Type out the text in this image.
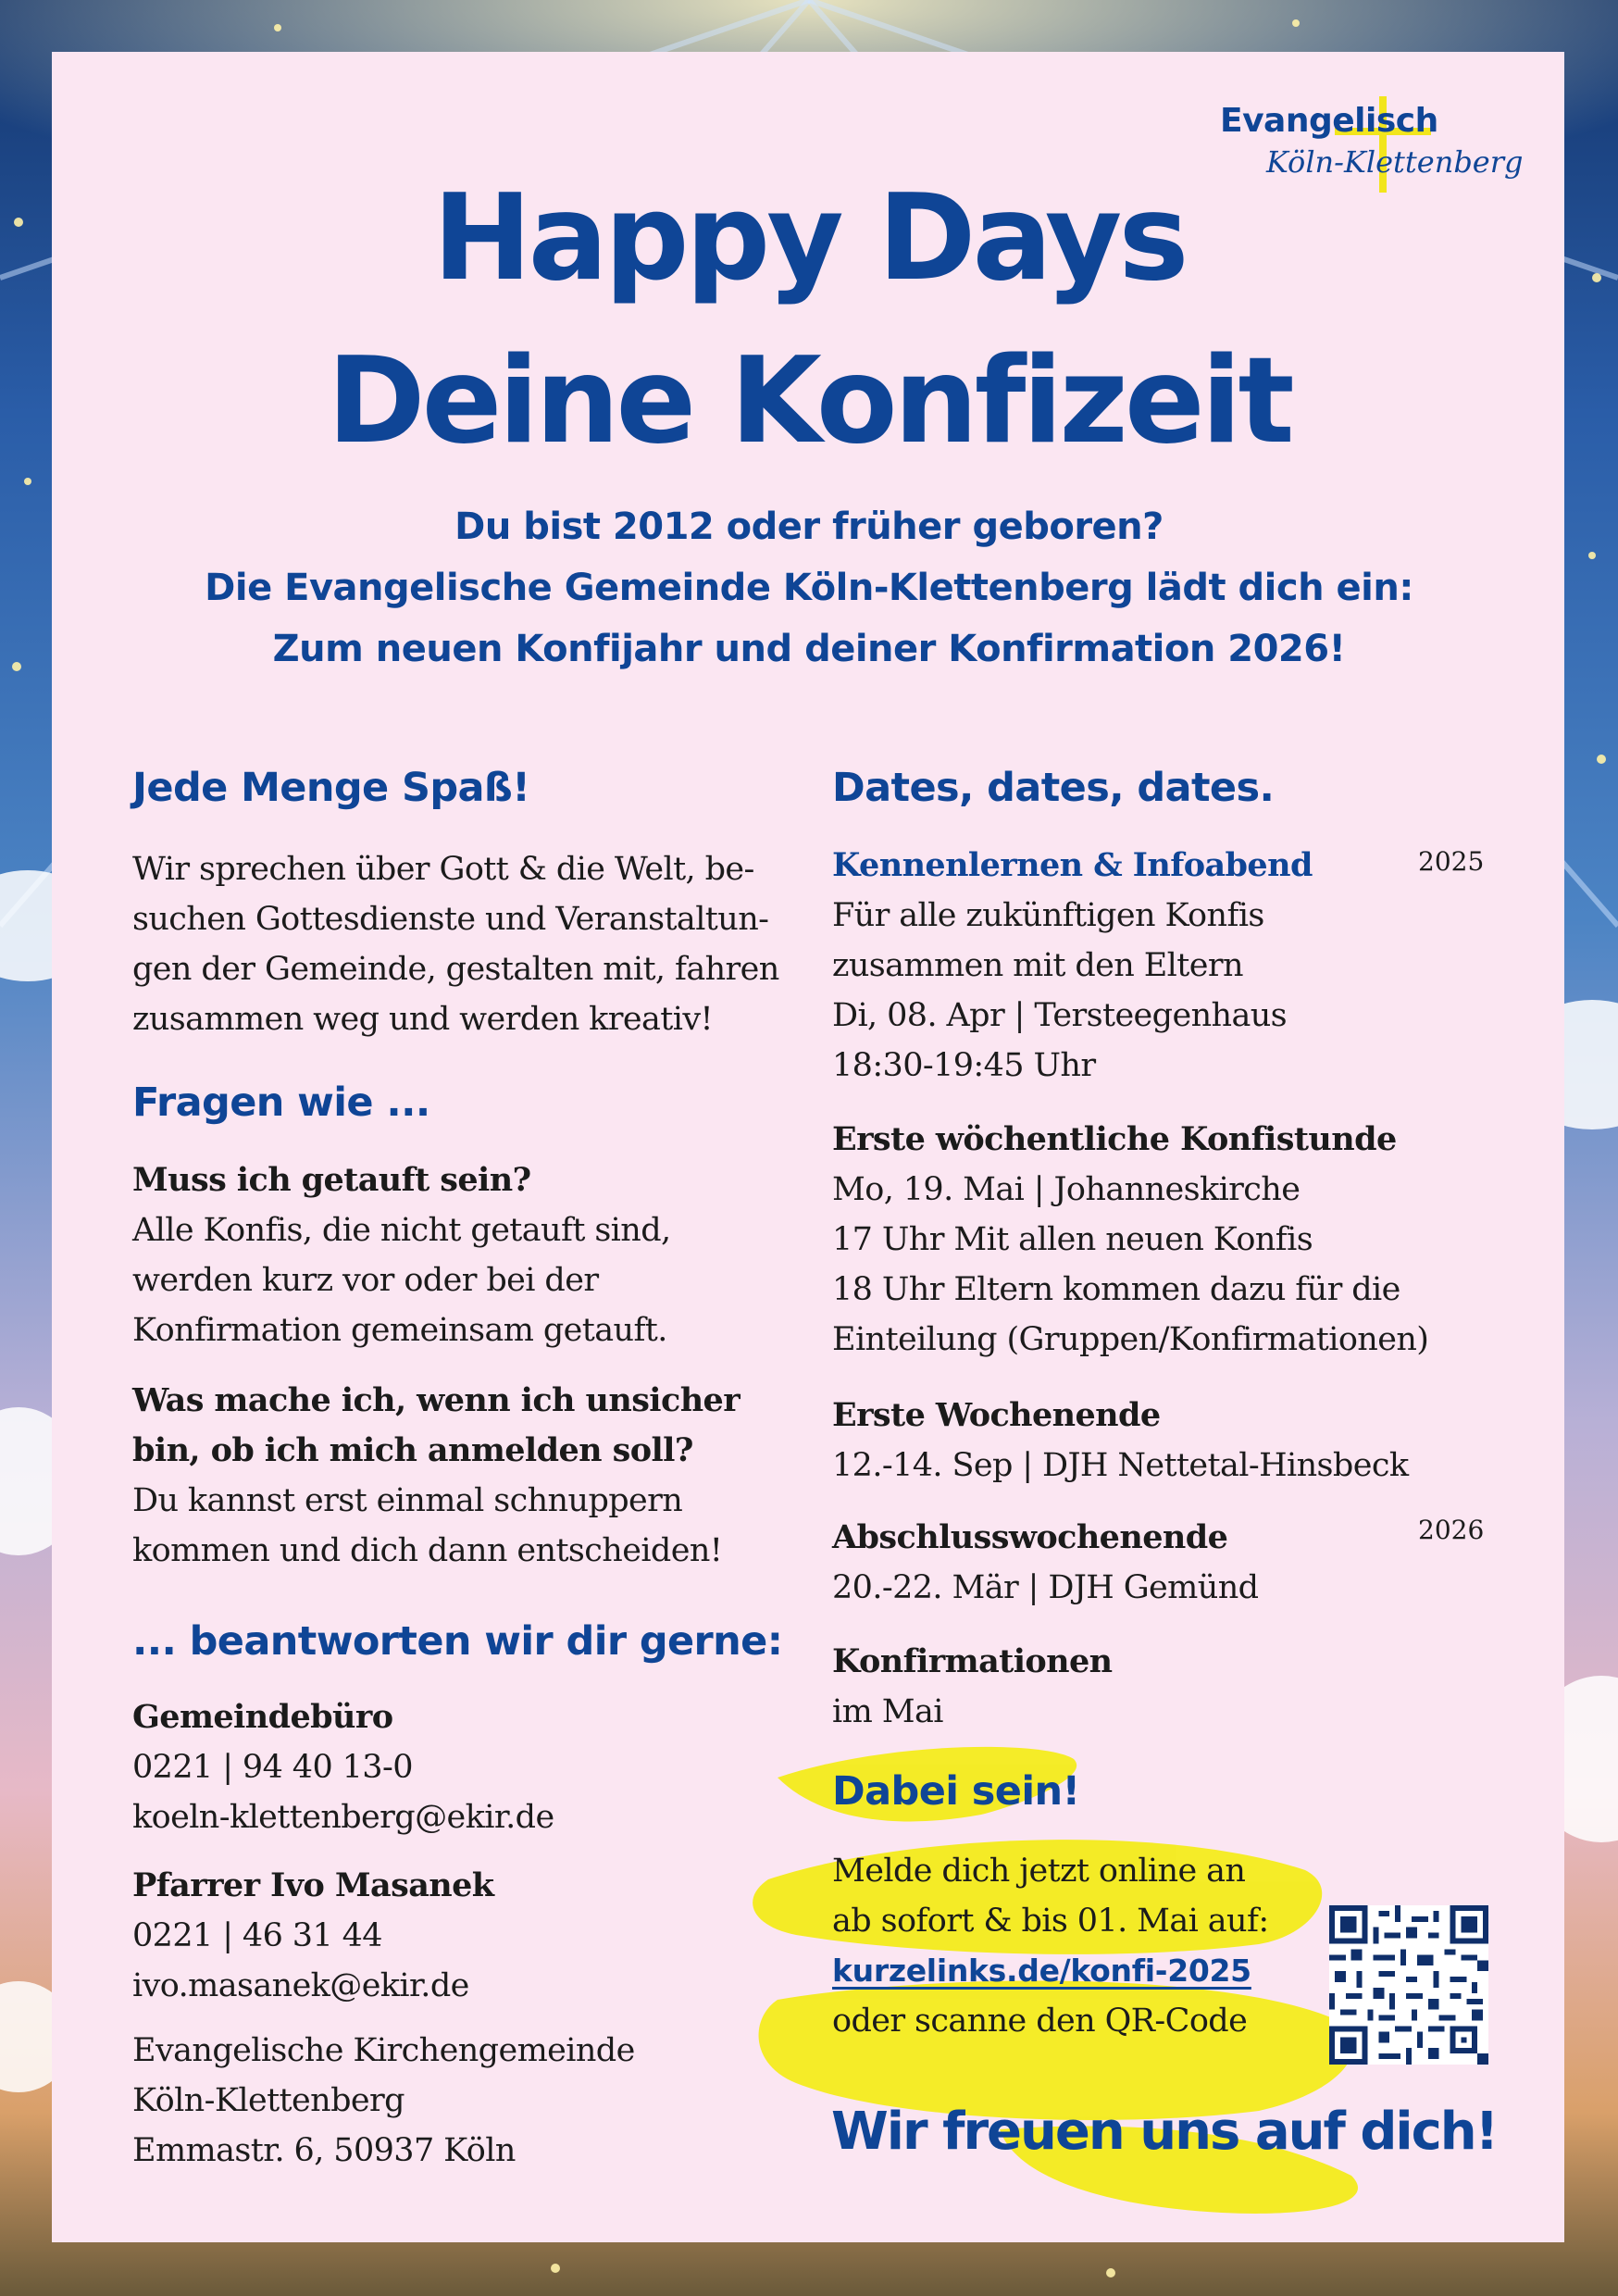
Evangelisch
Köln-Klettenberg
Happy Days
Deine Konfizeit
Du bist 2012 oder früher geboren?
Die Evangelische Gemeinde Köln-Klettenberg lädt dich ein:
Zum neuen Konfijahr und deiner Konfirmation 2026!
Jede Menge Spaß!
Wir sprechen über Gott & die Welt, be-
suchen Gottesdienste und Veranstaltun-
gen der Gemeinde, gestalten mit, fahren
zusammen weg und werden kreativ!
Fragen wie ...
Muss ich getauft sein?
Alle Konfis, die nicht getauft sind,
werden kurz vor oder bei der
Konfirmation gemeinsam getauft.
Was mache ich, wenn ich unsicher
bin, ob ich mich anmelden soll?
Du kannst erst einmal schnuppern
kommen und dich dann entscheiden!
... beantworten wir dir gerne:
Gemeindebüro
0221 | 94 40 13-0
koeln-klettenberg@ekir.de
Pfarrer Ivo Masanek
0221 | 46 31 44
ivo.masanek@ekir.de
Evangelische Kirchengemeinde
Köln-Klettenberg
Emmastr. 6, 50937 Köln
Dates, dates, dates.
2025
Kennenlernen & Infoabend
Für alle zukünftigen Konfis
zusammen mit den Eltern
Di, 08. Apr | Tersteegenhaus
18:30-19:45 Uhr
Erste wöchentliche Konfistunde
Mo, 19. Mai | Johanneskirche
17 Uhr Mit allen neuen Konfis
18 Uhr Eltern kommen dazu für die
Einteilung (Gruppen/Konfirmationen)
Erste Wochenende
12.-14. Sep | DJH Nettetal-Hinsbeck
2026
Abschlusswochenende
20.-22. Mär | DJH Gemünd
Konfirmationen
im Mai
Dabei sein!
Melde dich jetzt online an
ab sofort & bis 01. Mai auf:
kurzelinks.de/konfi-2025
oder scanne den QR-Code
Wir freuen uns auf dich!
